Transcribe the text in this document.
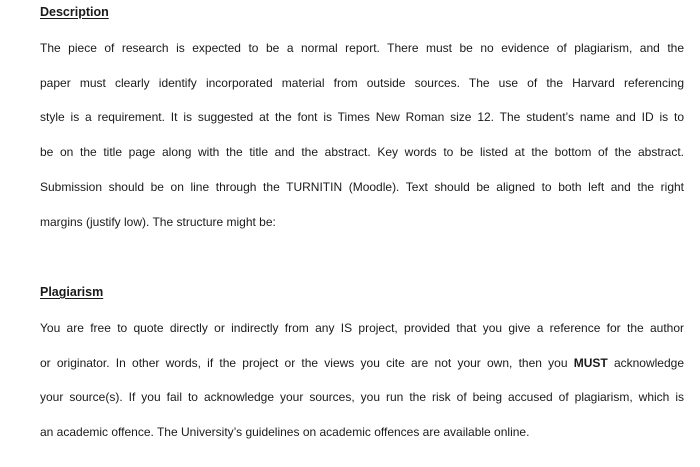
Description

The piece of research is expected to be a normal report. There must be no evidence of plagiarism, and the

paper must clearly identify incorporated material from outside sources. The use of the Harvard referencing

style is a requirement. It is suggested at the font is Times New Roman size 12. The student’s name and ID is to

be on the title page along with the title and the abstract. Key words to be listed at the bottom of the abstract.

Submission should be on line through the TURNITIN (Moodle). Text should be aligned to both left and the right

margins (justify low). The structure might be:

Plagiarism

You are free to quote directly or indirectly from any IS project, provided that you give a reference for the author

or originator. In other words, if the project or the views you cite are not your own, then you MUST acknowledge

your source(s). If you fail to acknowledge your sources, you run the risk of being accused of plagiarism, which is

an academic offence. The University’s guidelines on academic offences are available online.
